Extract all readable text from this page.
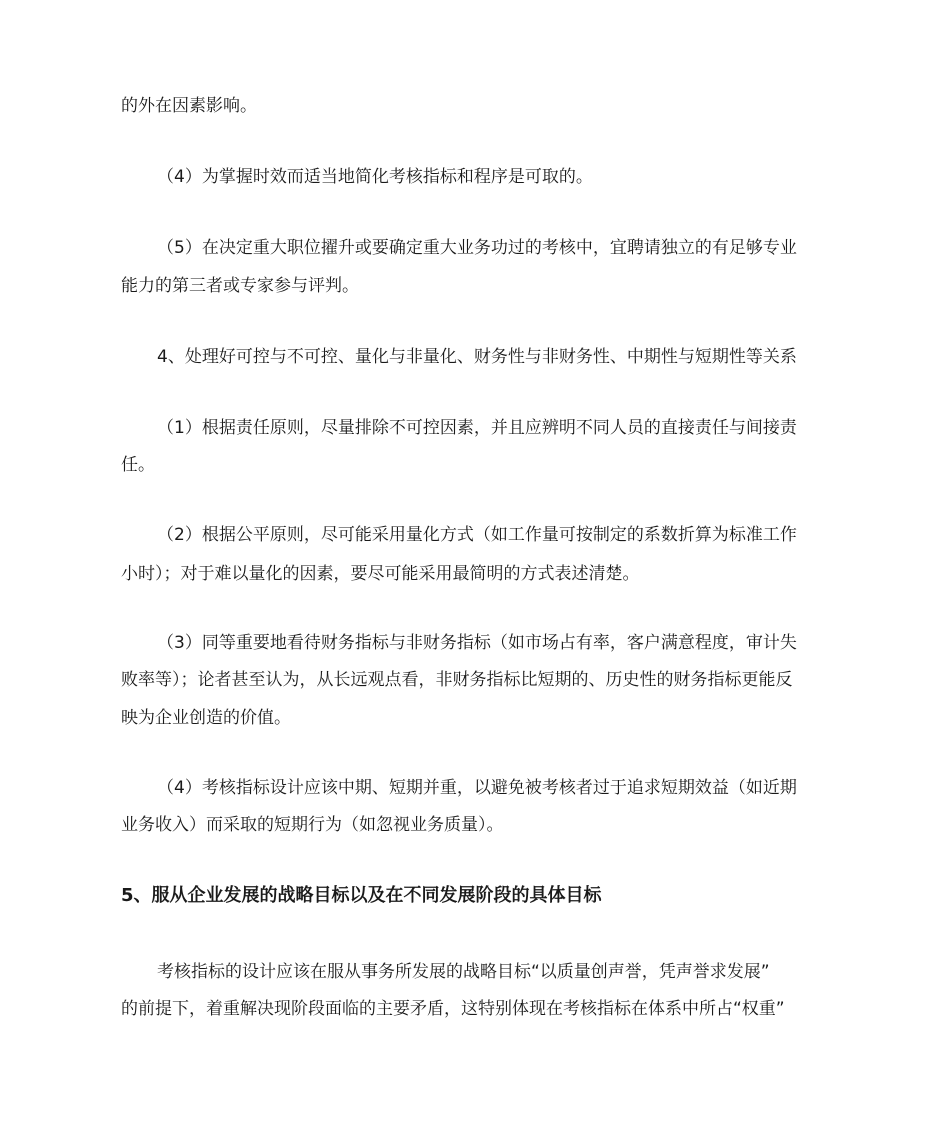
的外在因素影响。
（4）为掌握时效而适当地简化考核指标和程序是可取的。
（5）在决定重大职位擢升或要确定重大业务功过的考核中，宜聘请独立的有足够专业
能力的第三者或专家参与评判。
4、处理好可控与不可控、量化与非量化、财务性与非财务性、中期性与短期性等关系
（1）根据责任原则，尽量排除不可控因素，并且应辨明不同人员的直接责任与间接责
任。
（2）根据公平原则，尽可能采用量化方式（如工作量可按制定的系数折算为标准工作
小时）；对于难以量化的因素，要尽可能采用最简明的方式表述清楚。
（3）同等重要地看待财务指标与非财务指标（如市场占有率，客户满意程度，审计失
败率等）；论者甚至认为，从长远观点看，非财务指标比短期的、历史性的财务指标更能反
映为企业创造的价值。
（4）考核指标设计应该中期、短期并重，以避免被考核者过于追求短期效益（如近期
业务收入）而采取的短期行为（如忽视业务质量）。
5、服从企业发展的战略目标以及在不同发展阶段的具体目标
考核指标的设计应该在服从事务所发展的战略目标“以质量创声誉，凭声誉求发展”
的前提下，着重解决现阶段面临的主要矛盾，这特别体现在考核指标在体系中所占“权重”
